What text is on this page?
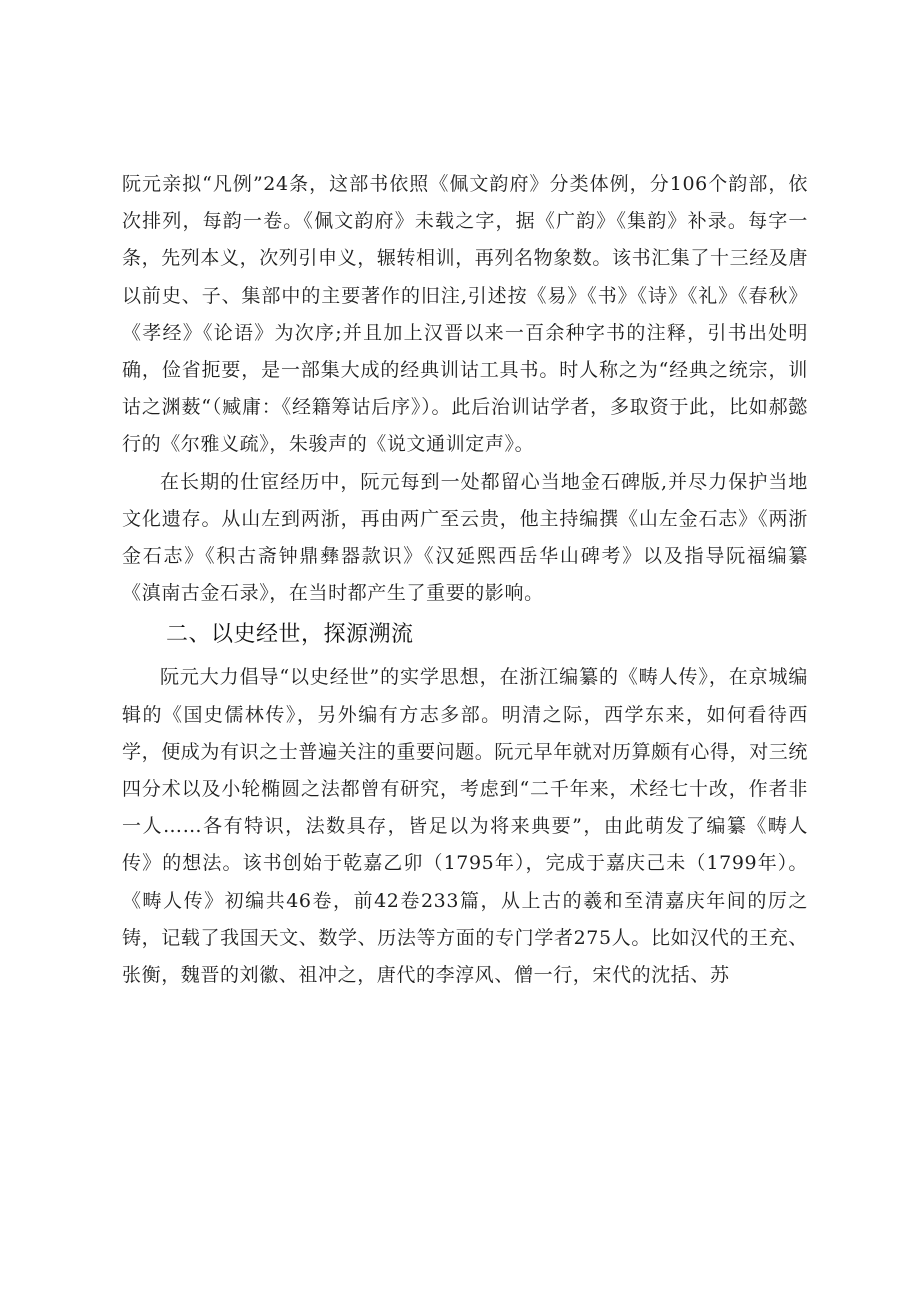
阮元亲拟“凡例”24条，这部书依照《佩文韵府》分类体例，分106个韵部，依次排列，每韵一卷。《佩文韵府》未载之字，据《广韵》《集韵》补录。每字一条，先列本义，次列引申义，辗转相训，再列名物象数。该书汇集了十三经及唐以前史、子、集部中的主要著作的旧注,引述按《易》《书》《诗》《礼》《春秋》《孝经》《论语》为次序;并且加上汉晋以来一百余种字书的注释，引书出处明确，俭省扼要，是一部集大成的经典训诂工具书。时人称之为“经典之统宗，训诂之渊薮“（臧庸：《经籍筹诂后序》）。此后治训诂学者，多取资于此，比如郝懿行的《尔雅义疏》，朱骏声的《说文通训定声》。

在长期的仕宦经历中，阮元每到一处都留心当地金石碑版,并尽力保护当地文化遗存。从山左到两浙，再由两广至云贵，他主持编撰《山左金石志》《两浙金石志》《积古斋钟鼎彝器款识》《汉延熙西岳华山碑考》以及指导阮福编纂《滇南古金石录》，在当时都产生了重要的影响。

二、以史经世，探源溯流

阮元大力倡导“以史经世”的实学思想，在浙江编纂的《畴人传》，在京城编辑的《国史儒林传》，另外编有方志多部。明清之际，西学东来，如何看待西学，便成为有识之士普遍关注的重要问题。阮元早年就对历算颇有心得，对三统四分术以及小轮椭圆之法都曾有研究，考虑到“二千年来，术经七十改，作者非一人……各有特识，法数具存，皆足以为将来典要”，由此萌发了编纂《畴人传》的想法。该书创始于乾嘉乙卯（1795年），完成于嘉庆己未（1799年）。《畴人传》初编共46卷，前42卷233篇，从上古的羲和至清嘉庆年间的厉之铸，记载了我国天文、数学、历法等方面的专门学者275人。比如汉代的王充、张衡，魏晋的刘徽、祖冲之，唐代的李淳风、僧一行，宋代的沈括、苏
